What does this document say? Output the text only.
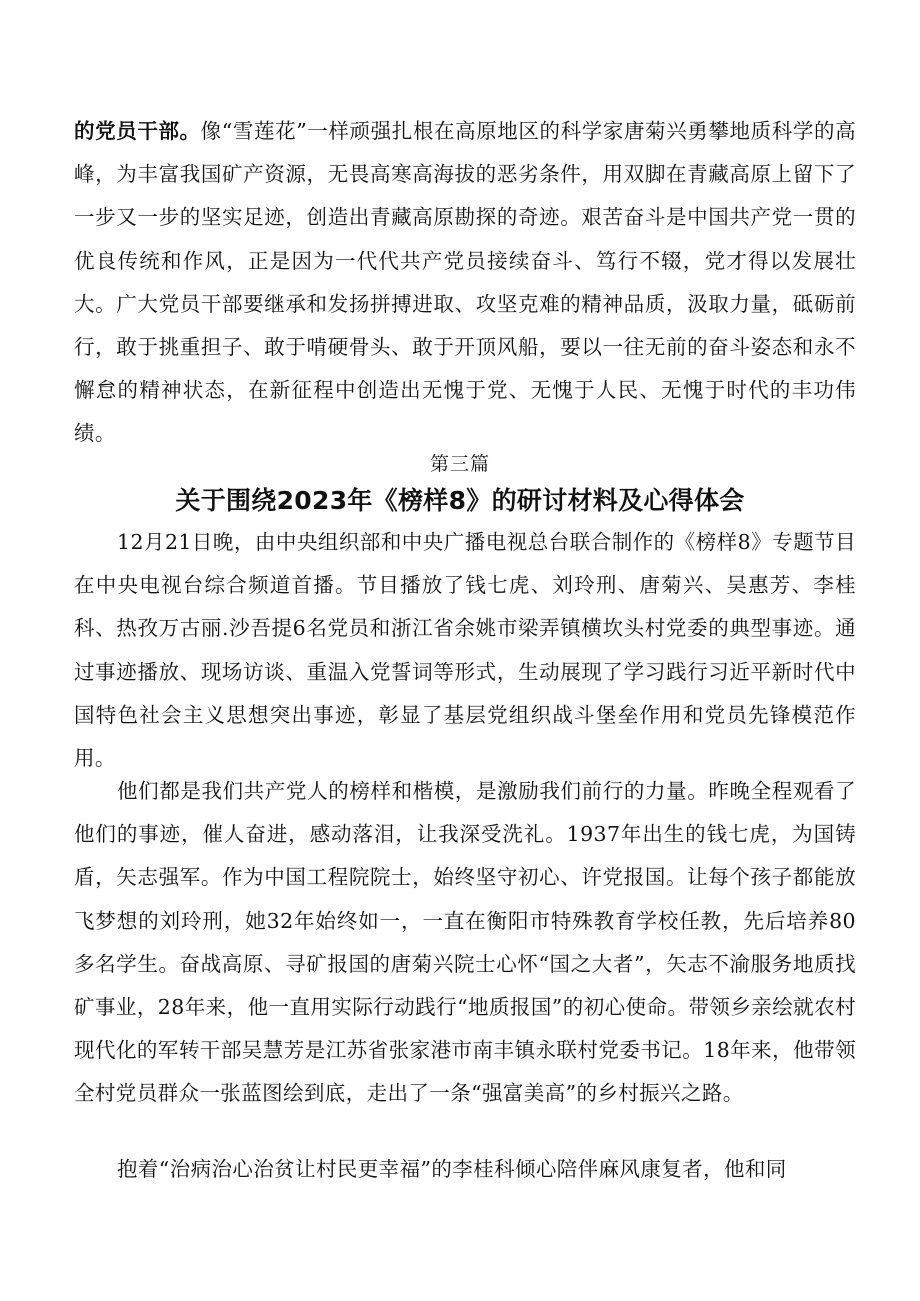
的党员干部。像“雪莲花”一样顽强扎根在高原地区的科学家唐菊兴勇攀地质科学的高峰，为丰富我国矿产资源，无畏高寒高海拔的恶劣条件，用双脚在青藏高原上留下了一步又一步的坚实足迹，创造出青藏高原勘探的奇迹。艰苦奋斗是中国共产党一贯的优良传统和作风，正是因为一代代共产党员接续奋斗、笃行不辍，党才得以发展壮大。广大党员干部要继承和发扬拼搏进取、攻坚克难的精神品质，汲取力量，砥砺前行，敢于挑重担子、敢于啃硬骨头、敢于开顶风船，要以一往无前的奋斗姿态和永不懈怠的精神状态，在新征程中创造出无愧于党、无愧于人民、无愧于时代的丰功伟绩。

第三篇
关于围绕2023年《榜样8》的研讨材料及心得体会

12月21日晚，由中央组织部和中央广播电视总台联合制作的《榜样8》专题节目在中央电视台综合频道首播。节目播放了钱七虎、刘玲刑、唐菊兴、吴惠芳、李桂科、热孜万古丽.沙吾提6名党员和浙江省余姚市梁弄镇横坎头村党委的典型事迹。通过事迹播放、现场访谈、重温入党誓词等形式，生动展现了学习践行习近平新时代中国特色社会主义思想突出事迹，彰显了基层党组织战斗堡垒作用和党员先锋模范作用。

他们都是我们共产党人的榜样和楷模，是激励我们前行的力量。昨晚全程观看了他们的事迹，催人奋进，感动落泪，让我深受洗礼。1937年出生的钱七虎，为国铸盾，矢志强军。作为中国工程院院士，始终坚守初心、许党报国。让每个孩子都能放飞梦想的刘玲刑，她32年始终如一，一直在衡阳市特殊教育学校任教，先后培养80多名学生。奋战高原、寻矿报国的唐菊兴院士心怀“国之大者”，矢志不渝服务地质找矿事业，28年来，他一直用实际行动践行“地质报国”的初心使命。带领乡亲绘就农村现代化的军转干部吴慧芳是江苏省张家港市南丰镇永联村党委书记。18年来，他带领全村党员群众一张蓝图绘到底，走出了一条“强富美高”的乡村振兴之路。

抱着“治病治心治贫让村民更幸福”的李桂科倾心陪伴麻风康复者，他和同
